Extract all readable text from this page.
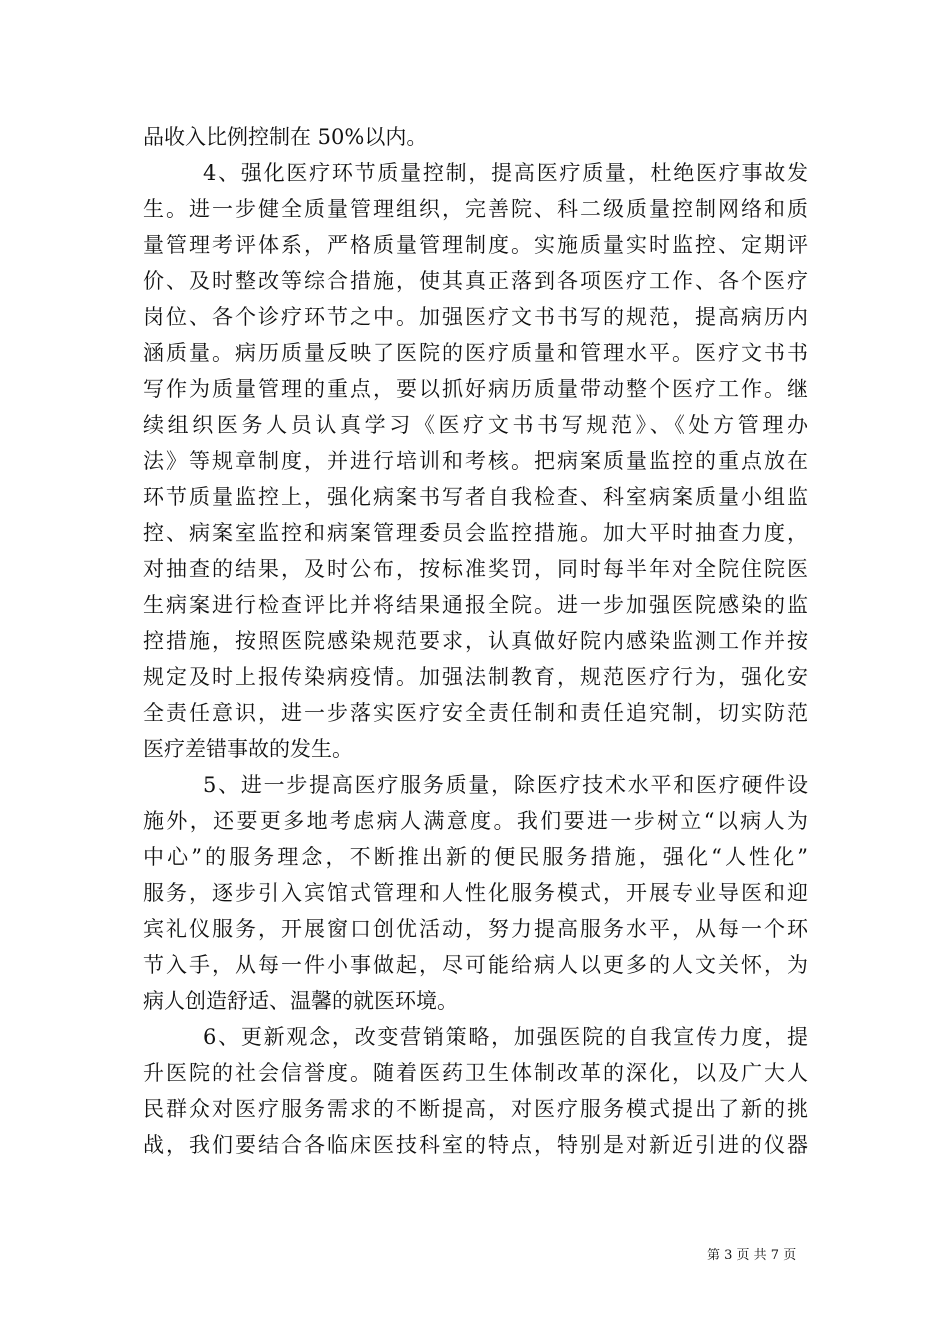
品收入比例控制在 50%以内。
4、强化医疗环节质量控制，提高医疗质量，杜绝医疗事故发
生。进一步健全质量管理组织，完善院、科二级质量控制网络和质
量管理考评体系，严格质量管理制度。实施质量实时监控、定期评
价、及时整改等综合措施，使其真正落到各项医疗工作、各个医疗
岗位、各个诊疗环节之中。加强医疗文书书写的规范，提高病历内
涵质量。病历质量反映了医院的医疗质量和管理水平。医疗文书书
写作为质量管理的重点，要以抓好病历质量带动整个医疗工作。继
续组织医务人员认真学习《医疗文书书写规范》、《处方管理办
法》等规章制度，并进行培训和考核。把病案质量监控的重点放在
环节质量监控上，强化病案书写者自我检查、科室病案质量小组监
控、病案室监控和病案管理委员会监控措施。加大平时抽查力度，
对抽查的结果，及时公布，按标准奖罚，同时每半年对全院住院医
生病案进行检查评比并将结果通报全院。进一步加强医院感染的监
控措施，按照医院感染规范要求，认真做好院内感染监测工作并按
规定及时上报传染病疫情。加强法制教育，规范医疗行为，强化安
全责任意识，进一步落实医疗安全责任制和责任追究制，切实防范
医疗差错事故的发生。
5、进一步提高医疗服务质量，除医疗技术水平和医疗硬件设
施外，还要更多地考虑病人满意度。我们要进一步树立“以病人为
中心”的服务理念，不断推出新的便民服务措施，强化“人性化”
服务，逐步引入宾馆式管理和人性化服务模式，开展专业导医和迎
宾礼仪服务，开展窗口创优活动，努力提高服务水平，从每一个环
节入手，从每一件小事做起，尽可能给病人以更多的人文关怀，为
病人创造舒适、温馨的就医环境。
6、更新观念，改变营销策略，加强医院的自我宣传力度，提
升医院的社会信誉度。随着医药卫生体制改革的深化，以及广大人
民群众对医疗服务需求的不断提高，对医疗服务模式提出了新的挑
战，我们要结合各临床医技科室的特点，特别是对新近引进的仪器
第 3 页 共 7 页
